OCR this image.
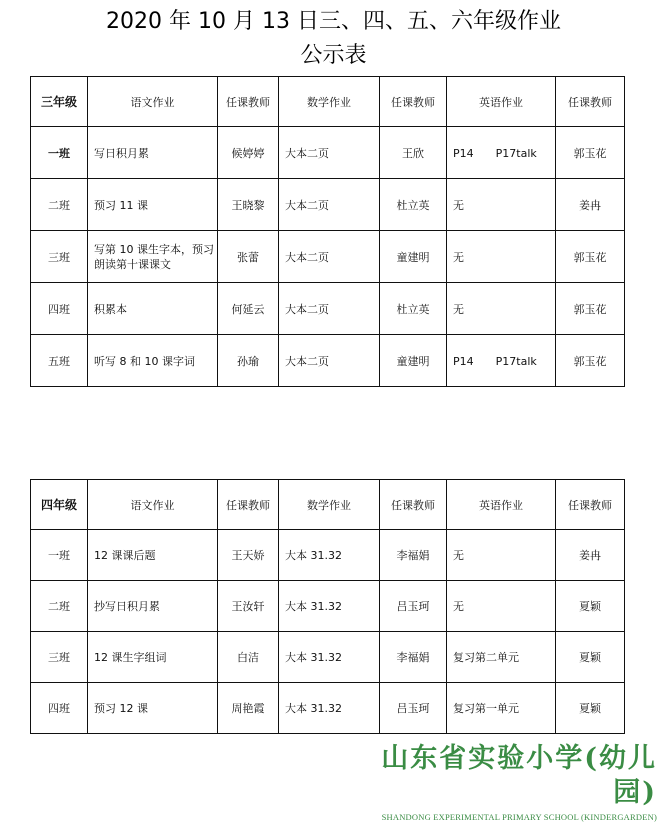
2020 年 10 月 13 日三、四、五、六年级作业
公示表
三年级	语文作业	任课教师	数学作业	任课教师	英语作业	任课教师
一班	写日积月累	候婷婷	大本二页	王欣	P14　　P17talk	郭玉花
二班	预习 11 课	王晓黎	大本二页	杜立英	无	姜冉
三班	写第 10 课生字本，预习朗读第十课课文	张蕾	大本二页	童建明	无	郭玉花
四班	积累本	何延云	大本二页	杜立英	无	郭玉花
五班	听写 8 和 10 课字词	孙瑜	大本二页	童建明	P14　　P17talk	郭玉花
四年级	语文作业	任课教师	数学作业	任课教师	英语作业	任课教师
一班	12 课课后题	王天娇	大本 31.32	李福娟	无	姜冉
二班	抄写日积月累	王汝轩	大本 31.32	吕玉珂	无	夏颖
三班	12 课生字组词	白洁	大本 31.32	李福娟	复习第二单元	夏颖
四班	预习 12 课	周艳霞	大本 31.32	吕玉珂	复习第一单元	夏颖
山东省实验小学(幼儿园)
SHANDONG EXPERIMENTAL PRIMARY SCHOOL (KINDERGARDEN)
